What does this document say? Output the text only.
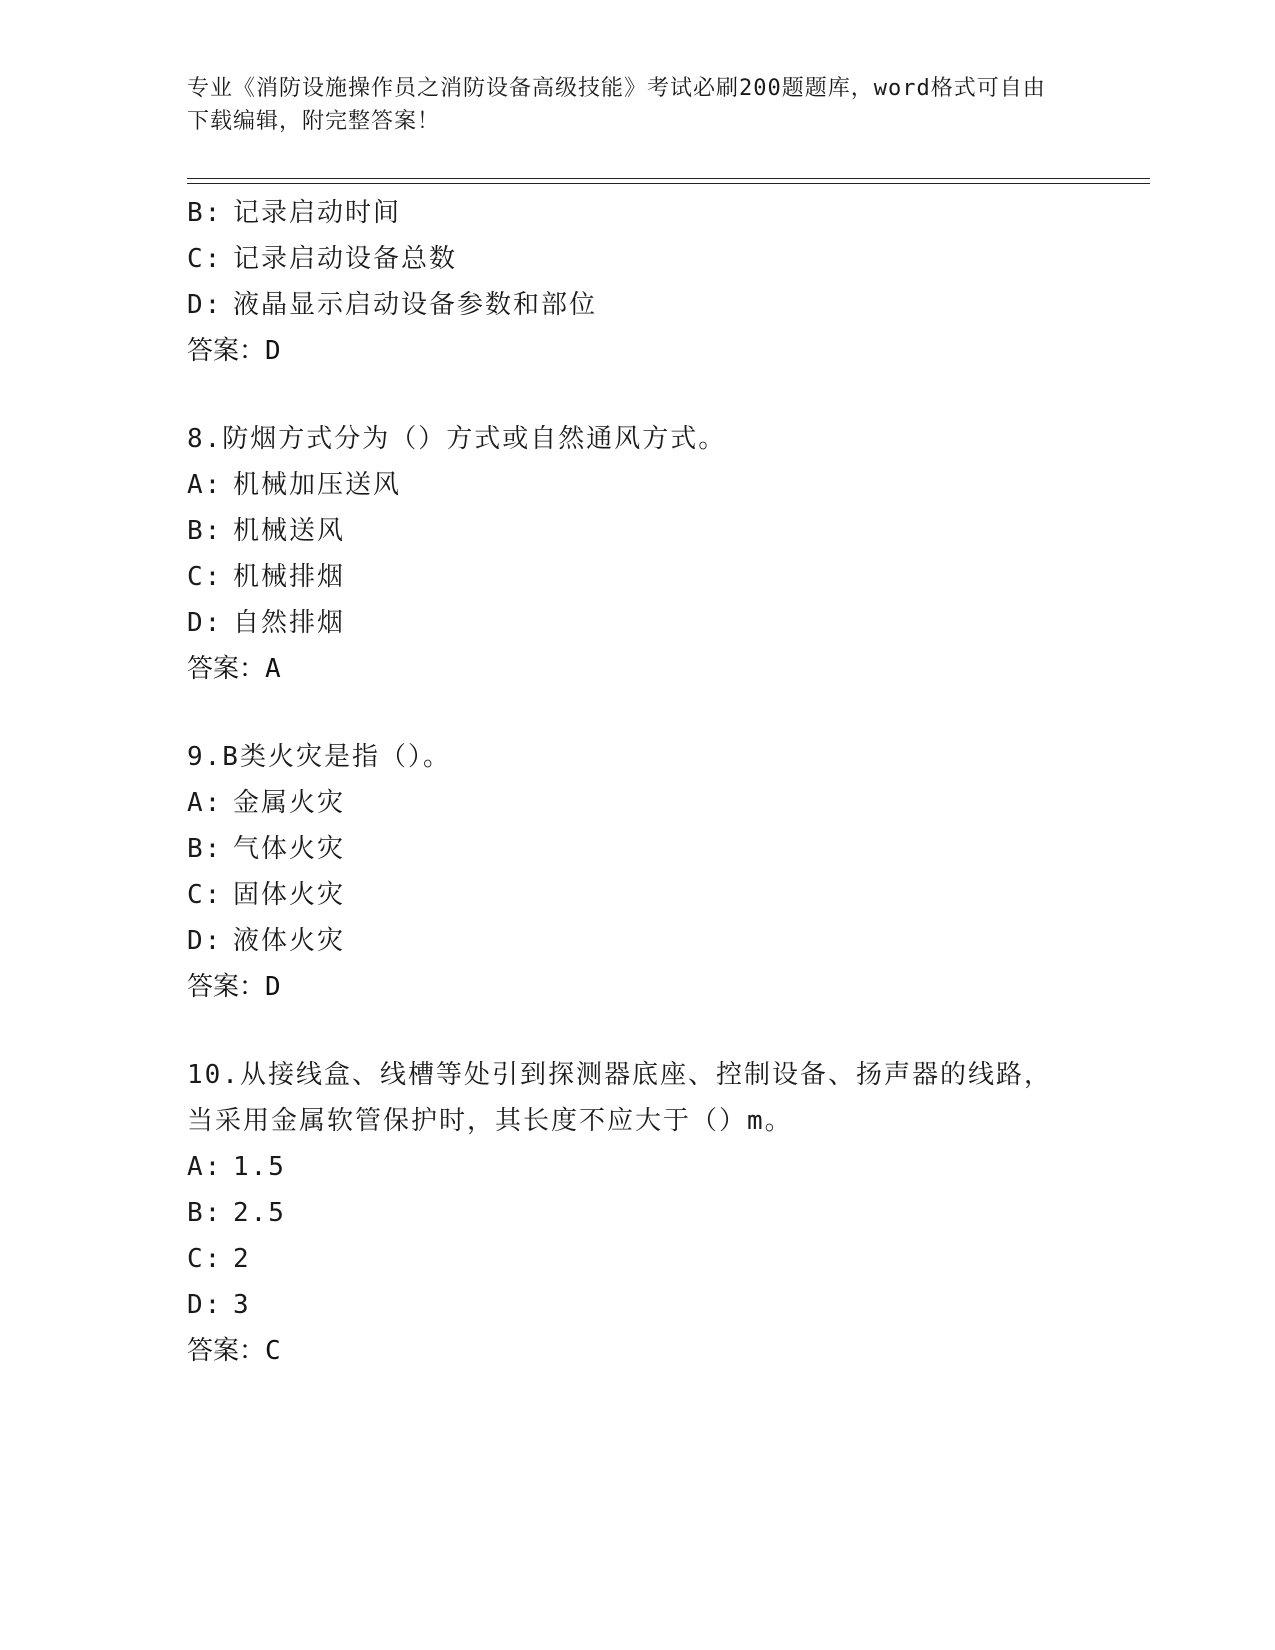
专业《消防设施操作员之消防设备高级技能》考试必刷200题题库，word格式可自由下载编辑，附完整答案！
B: 记录启动时间
C: 记录启动设备总数
D: 液晶显示启动设备参数和部位
答案：D
8.防烟方式分为（）方式或自然通风方式。
A: 机械加压送风
B: 机械送风
C: 机械排烟
D: 自然排烟
答案：A
9.B类火灾是指（）。
A: 金属火灾
B: 气体火灾
C: 固体火灾
D: 液体火灾
答案：D
10.从接线盒、线槽等处引到探测器底座、控制设备、扬声器的线路，当采用金属软管保护时，其长度不应大于（）m。
A: 1.5
B: 2.5
C: 2
D: 3
答案：C
